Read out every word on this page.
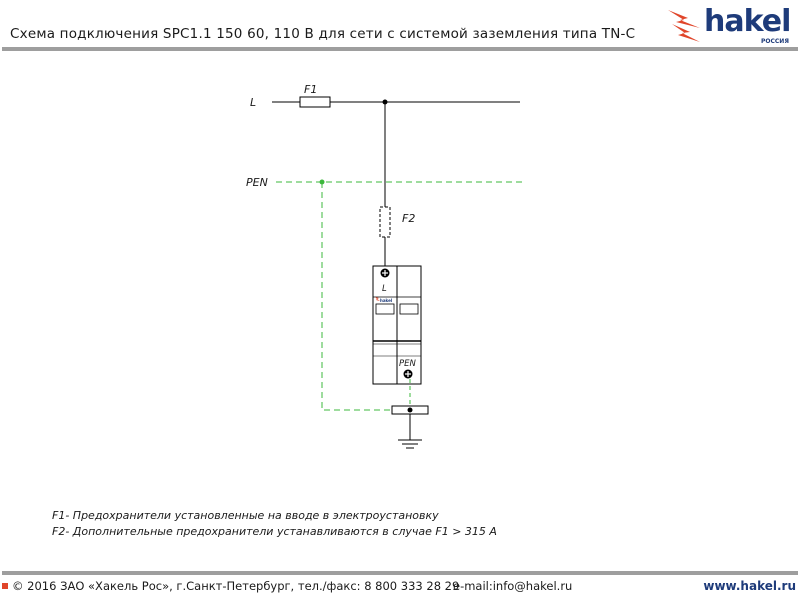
Схема подключения SPC1.1 150 60, 110 В для сети с системой заземления типа TN-C hakel
РОССИЯ
L
F1
PEN
F2
L
PEN
hakel
F1- Предохранители установленные на вводе в электроустановку
F2- Дополнительные предохранители устанавливаются в случае F1 > 315 А
© 2016 ЗАО «Хакель Рос», г.Санкт-Петербург, тел./факс: 8 800 333 28 29
e-mail:info@hakel.ru	www.hakel.ru
